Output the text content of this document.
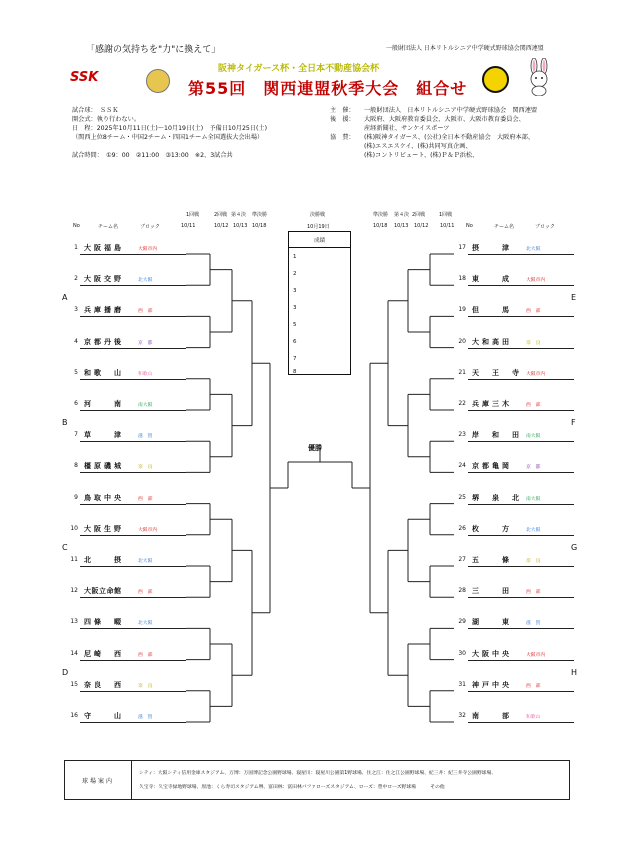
「感謝の気持ちを"力"に換えて」	一般財団法人 日本リトルシニア中学硬式野球協会関西連盟
SSK
阪神タイガース杯・全日本不動産協会杯
第55回　関西連盟秋季大会　組合せ
試合球：　ＳＳＫ
開会式：執り行わない。
日　程：2025年10月11日(土)～10月19日(土)　予備日10月25日(土)
（関西上位8チーム・中国2チーム・四国1チーム全国選抜大会出場）

試合時間：　①9：00　②11:00　③13:00　※2、3試合共
主　催：
後　援：

協　賛：
一般財団法人　日本リトルシニア中学硬式野球協会　関西連盟
大阪府、大阪府教育委員会、大阪市、大阪市教育委員会、
産経新聞社、サンケイスポーツ
(株)阪神タイガース、(公社)全日本不動産協会　大阪府本部、
(株)エスエスケイ、(株)共同写真企画、
(株)コントリビュート、(株)Ｐ＆Ｐ浜松、
No	チーム名	ブロック
1回戦	2回戦 第４決 準決勝
10/11	10/12 10/13 10/18
決勝戦
10月19日
準決勝 第４決 2回戦	1回戦
10/18 10/13 10/12 10/11 No	チーム名	ブロック
成績
1
2
3
3
5
6
7
8
優勝
A
B
C
D
E
F
G
H
1 大阪福島	大阪市内
2 大阪交野	北大阪
3 兵庫播磨	西　部
4 京都丹後	京　都
5 和歌　山	和歌山
6 河　　南	南大阪
7 草　　津	滋　賀
8 橿原磯城	奈　良
9 鳥取中央	西　部
10 大阪生野	大阪市内
11 北　　摂	北大阪
12 大阪立命館	西　部
13 四條　畷	北大阪
14 尼崎　西	西　部
15 奈良　西	奈　良
16 守　　山	滋　賀
17 摂　　津	北大阪
18 東　　成	大阪市内
19 但　　馬	西　部
20 大和高田	奈　良
21 天　王　寺 大阪市内
22 兵庫三木	西　部
23 岸　和　田 南大阪
24 京都亀岡	京　都
25 堺　泉　北 南大阪
26 枚　　方	北大阪
27 五　　條	奈　良
28 三　　田	西　部
29 湖　　東	滋　賀
30 大阪中央	大阪市内
31 神戸中央	西　部
32 南　　部	和歌山
球場案内
シティ：大阪シティ信用金庫スタジアム、万博：万国博記念公園野球場、寝屋川：寝屋川公園第1野球場、住之江：住之江公園野球場、紀三井：紀三井寺公園野球場、
久宝寺：久宝寺緑地野球場、原池：くら寿司スタジアム堺、富田林：富田林バファローズスタジアム、ローズ：豊中ローズ野球場　　　その他
